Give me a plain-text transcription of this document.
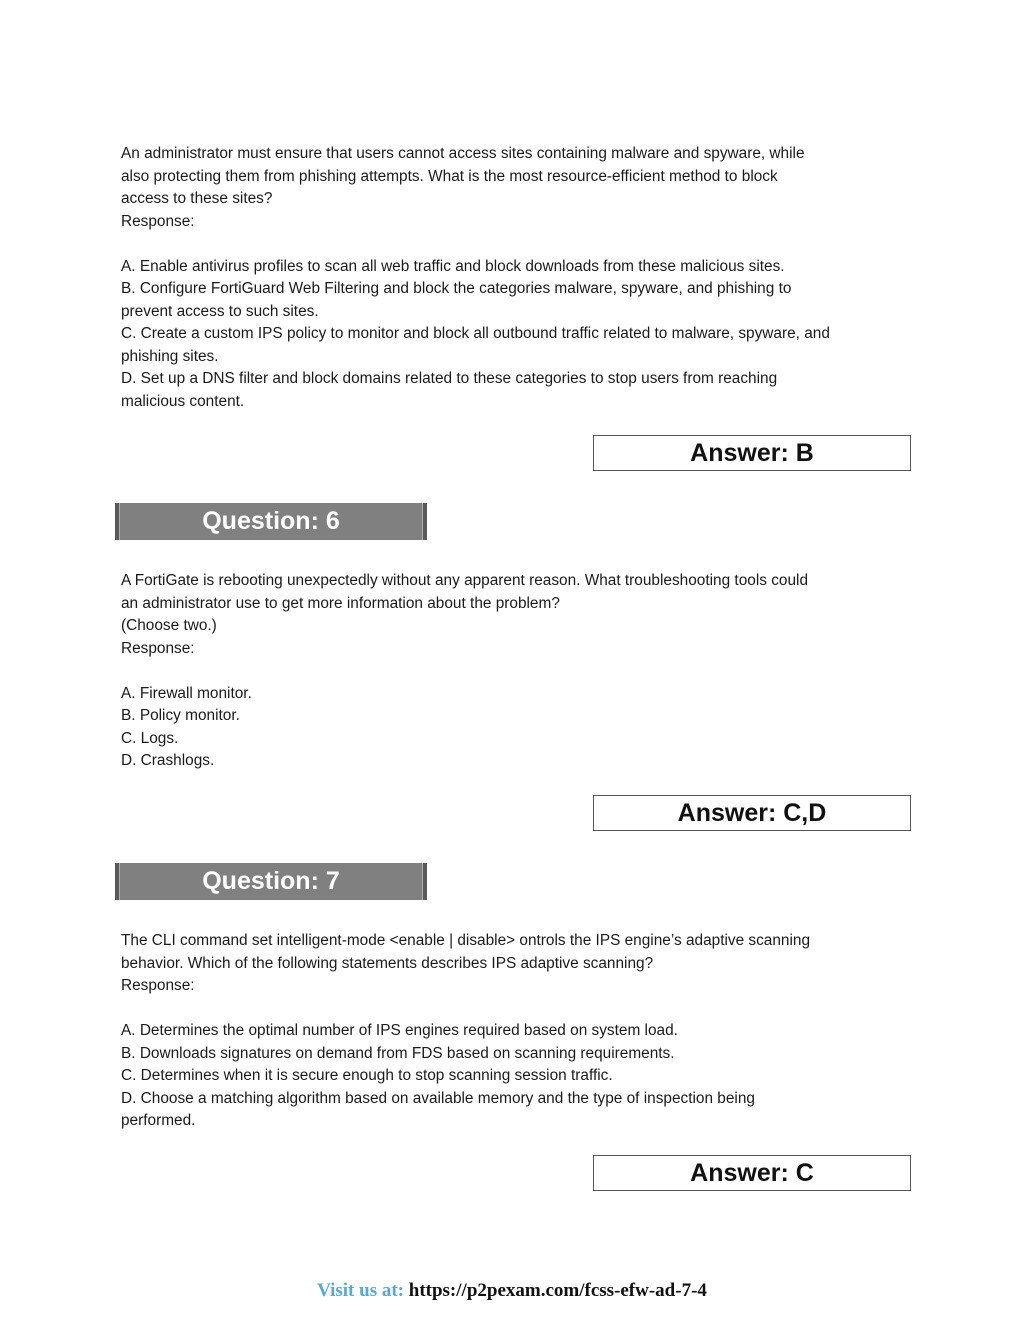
An administrator must ensure that users cannot access sites containing malware and spyware, while
also protecting them from phishing attempts. What is the most resource-efficient method to block
access to these sites?
Response:
A. Enable antivirus profiles to scan all web traffic and block downloads from these malicious sites.
B. Configure FortiGuard Web Filtering and block the categories malware, spyware, and phishing to
prevent access to such sites.
C. Create a custom IPS policy to monitor and block all outbound traffic related to malware, spyware, and
phishing sites.
D. Set up a DNS filter and block domains related to these categories to stop users from reaching
malicious content.
Answer: B
Question: 6
A FortiGate is rebooting unexpectedly without any apparent reason. What troubleshooting tools could
an administrator use to get more information about the problem?
(Choose two.)
Response:
A. Firewall monitor.
B. Policy monitor.
C. Logs.
D. Crashlogs.
Answer: C,D
Question: 7
The CLI command set intelligent-mode <enable | disable> ontrols the IPS engine’s adaptive scanning
behavior. Which of the following statements describes IPS adaptive scanning?
Response:
A. Determines the optimal number of IPS engines required based on system load.
B. Downloads signatures on demand from FDS based on scanning requirements.
C. Determines when it is secure enough to stop scanning session traffic.
D. Choose a matching algorithm based on available memory and the type of inspection being
performed.
Answer: C
Visit us at: https://p2pexam.com/fcss-efw-ad-7-4
